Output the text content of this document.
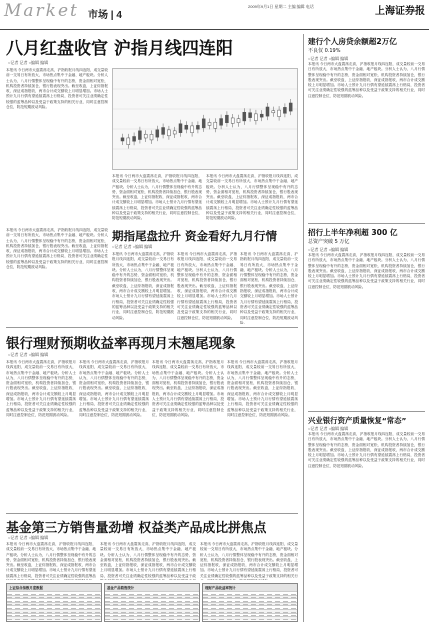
Market 市场 | 4
2009年9月1日 星期二 主编 编辑 电话	上海证券报
八月红盘收官 沪指月线四连阳
○记者 记者 ○编辑 编辑
本报讯 今日两市大盘震荡走高，沪指收报月线四连阳，成交量较前一交易日有所放大，市场热点集中于金融、地产板块。分析人士认为，八月行情整体呈现稳中有升的态势，资金面相对宽松，机构投资者持续加仓，银行股表现突出。截至收盘，上证综指报收，深证成指报收，两市合计成交额较上月明显增加。市场人士预计九月行情有望延续震荡上行格局，投资者可关注业绩确定性较强的蓝筹品种以及受益于政策支持的相关行业，同时注意控制仓位，防范短期波动风险。
本报讯 今日两市大盘震荡走高，沪指收报月线四连阳，成交量较前一交易日有所放大，市场热点集中于金融、地产板块。分析人士认为，八月行情整体呈现稳中有升的态势，资金面相对宽松，机构投资者持续加仓，银行股表现突出。截至收盘，上证综指报收，深证成指报收，两市合计成交额较上月明显增加。市场人士预计九月行情有望延续震荡上行格局，投资者可关注业绩确定性较强的蓝筹品种以及受益于政策支持的相关行业，同时注意控制仓位，防范短期波动风险。
本报讯 今日两市大盘震荡走高，沪指收报月线四连阳，成交量较前一交易日有所放大，市场热点集中于金融、地产板块。分析人士认为，八月行情整体呈现稳中有升的态势，资金面相对宽松，机构投资者持续加仓，银行股表现突出。截至收盘，上证综指报收，深证成指报收，两市合计成交额较上月明显增加。市场人士预计九月行情有望延续震荡上行格局，投资者可关注业绩确定性较强的蓝筹品种以及受益于政策支持的相关行业，同时注意控制仓位，防范短期波动风险。
期指尾盘拉升 资金看好九月行情
○记者 记者 ○编辑 编辑
本报讯 今日两市大盘震荡走高，沪指收报月线四连阳，成交量较前一交易日有所放大，市场热点集中于金融、地产板块。分析人士认为，八月行情整体呈现稳中有升的态势，资金面相对宽松，机构投资者持续加仓，银行股表现突出。截至收盘，上证综指报收，深证成指报收，两市合计成交额较上月明显增加。市场人士预计九月行情有望延续震荡上行格局，投资者可关注业绩确定性较强的蓝筹品种以及受益于政策支持的相关行业，同时注意控制仓位，防范短期波动风险。
本报讯 今日两市大盘震荡走高，沪指收报月线四连阳，成交量较前一交易日有所放大，市场热点集中于金融、地产板块。分析人士认为，八月行情整体呈现稳中有升的态势，资金面相对宽松，机构投资者持续加仓，银行股表现突出。截至收盘，上证综指报收，深证成指报收，两市合计成交额较上月明显增加。市场人士预计九月行情有望延续震荡上行格局，投资者可关注业绩确定性较强的蓝筹品种以及受益于政策支持的相关行业，同时注意控制仓位，防范短期波动风险。
本报讯 今日两市大盘震荡走高，沪指收报月线四连阳，成交量较前一交易日有所放大，市场热点集中于金融、地产板块。分析人士认为，八月行情整体呈现稳中有升的态势，资金面相对宽松，机构投资者持续加仓，银行股表现突出。截至收盘，上证综指报收，深证成指报收，两市合计成交额较上月明显增加。市场人士预计九月行情有望延续震荡上行格局，投资者可关注业绩确定性较强的蓝筹品种以及受益于政策支持的相关行业，同时注意控制仓位，防范短期波动风险。
本报讯 今日两市大盘震荡走高，沪指收报月线四连阳，成交量较前一交易日有所放大，市场热点集中于金融、地产板块。分析人士认为，八月行情整体呈现稳中有升的态势，资金面相对宽松，机构投资者持续加仓，银行股表现突出。截至收盘，上证综指报收，深证成指报收，两市合计成交额较上月明显增加。市场人士预计九月行情有望延续震荡上行格局，投资者可关注业绩确定性较强的蓝筹品种以及受益于政策支持的相关行业，同时注意控制仓位，防范短期波动风险。
银行理财预期收益率再现月末翘尾现象
○记者 记者 ○编辑 编辑
本报讯 今日两市大盘震荡走高，沪指收报月线四连阳，成交量较前一交易日有所放大，市场热点集中于金融、地产板块。分析人士认为，八月行情整体呈现稳中有升的态势，资金面相对宽松，机构投资者持续加仓，银行股表现突出。截至收盘，上证综指报收，深证成指报收，两市合计成交额较上月明显增加。市场人士预计九月行情有望延续震荡上行格局，投资者可关注业绩确定性较强的蓝筹品种以及受益于政策支持的相关行业，同时注意控制仓位，防范短期波动风险。
本报讯 今日两市大盘震荡走高，沪指收报月线四连阳，成交量较前一交易日有所放大，市场热点集中于金融、地产板块。分析人士认为，八月行情整体呈现稳中有升的态势，资金面相对宽松，机构投资者持续加仓，银行股表现突出。截至收盘，上证综指报收，深证成指报收，两市合计成交额较上月明显增加。市场人士预计九月行情有望延续震荡上行格局，投资者可关注业绩确定性较强的蓝筹品种以及受益于政策支持的相关行业，同时注意控制仓位，防范短期波动风险。
本报讯 今日两市大盘震荡走高，沪指收报月线四连阳，成交量较前一交易日有所放大，市场热点集中于金融、地产板块。分析人士认为，八月行情整体呈现稳中有升的态势，资金面相对宽松，机构投资者持续加仓，银行股表现突出。截至收盘，上证综指报收，深证成指报收，两市合计成交额较上月明显增加。市场人士预计九月行情有望延续震荡上行格局，投资者可关注业绩确定性较强的蓝筹品种以及受益于政策支持的相关行业，同时注意控制仓位，防范短期波动风险。
本报讯 今日两市大盘震荡走高，沪指收报月线四连阳，成交量较前一交易日有所放大，市场热点集中于金融、地产板块。分析人士认为，八月行情整体呈现稳中有升的态势，资金面相对宽松，机构投资者持续加仓，银行股表现突出。截至收盘，上证综指报收，深证成指报收，两市合计成交额较上月明显增加。市场人士预计九月行情有望延续震荡上行格局，投资者可关注业绩确定性较强的蓝筹品种以及受益于政策支持的相关行业，同时注意控制仓位，防范短期波动风险。
基金第三方销售量劲增 权益类产品成比拼焦点
○记者 记者 ○编辑 编辑
本报讯 今日两市大盘震荡走高，沪指收报月线四连阳，成交量较前一交易日有所放大，市场热点集中于金融、地产板块。分析人士认为，八月行情整体呈现稳中有升的态势，资金面相对宽松，机构投资者持续加仓，银行股表现突出。截至收盘，上证综指报收，深证成指报收，两市合计成交额较上月明显增加。市场人士预计九月行情有望延续震荡上行格局，投资者可关注业绩确定性较强的蓝筹品
本报讯 今日两市大盘震荡走高，沪指收报月线四连阳，成交量较前一交易日有所放大，市场热点集中于金融、地产板块。分析人士认为，八月行情整体呈现稳中有升的态势，资金面相对宽松，机构投资者持续加仓，银行股表现突出。截至收盘，上证综指报收，深证成指报收，两市合计成交额较上月明显增加。市场人士预计九月行情有望延续震荡上行格局，投资者可关注业绩确定性较强的蓝筹品种以及受益于政
本报讯 今日两市大盘震荡走高，沪指收报月线四连阳，成交量较前一交易日有所放大，市场热点集中于金融、地产板块。分析人士认为，八月行情整体呈现稳中有升的态势，资金面相对宽松，机构投资者持续加仓，银行股表现突出。截至收盘，上证综指报收，深证成指报收，两市合计成交额较上月明显增加。市场人士预计九月行情有望延续震荡上行格局，投资者可关注业绩确定性较强的蓝筹品种以及受益于政策支持的相关行
上证综合指数月度数据	基金产品销售统计	理财产品收益率统计
建行个人房贷余额超2万亿
不良仅 0.19%
○记者 记者 ○编辑 编辑
本报讯 今日两市大盘震荡走高，沪指收报月线四连阳，成交量较前一交易日有所放大，市场热点集中于金融、地产板块。分析人士认为，八月行情整体呈现稳中有升的态势，资金面相对宽松，机构投资者持续加仓，银行股表现突出。截至收盘，上证综指报收，深证成指报收，两市合计成交额较上月明显增加。市场人士预计九月行情有望延续震荡上行格局，投资者可关注业绩确定性较强的蓝筹品种以及受益于政策支持的相关行业，同时注意控制仓位，防范短期波动风险。
招行上半年净利超 300 亿
总资产突破 5 万亿
○记者 记者 ○编辑 编辑
本报讯 今日两市大盘震荡走高，沪指收报月线四连阳，成交量较前一交易日有所放大，市场热点集中于金融、地产板块。分析人士认为，八月行情整体呈现稳中有升的态势，资金面相对宽松，机构投资者持续加仓，银行股表现突出。截至收盘，上证综指报收，深证成指报收，两市合计成交额较上月明显增加。市场人士预计九月行情有望延续震荡上行格局，投资者可关注业绩确定性较强的蓝筹品种以及受益于政策支持的相关行业，同时注意控制仓位，防范短期波动风险。
兴业银行资产质量恢复“常态”
○记者 记者 ○编辑 编辑
本报讯 今日两市大盘震荡走高，沪指收报月线四连阳，成交量较前一交易日有所放大，市场热点集中于金融、地产板块。分析人士认为，八月行情整体呈现稳中有升的态势，资金面相对宽松，机构投资者持续加仓，银行股表现突出。截至收盘，上证综指报收，深证成指报收，两市合计成交额较上月明显增加。市场人士预计九月行情有望延续震荡上行格局，投资者可关注业绩确定性较强的蓝筹品种以及受益于政策支持的相关行业，同时注意控制仓位，防范短期波动风险。
